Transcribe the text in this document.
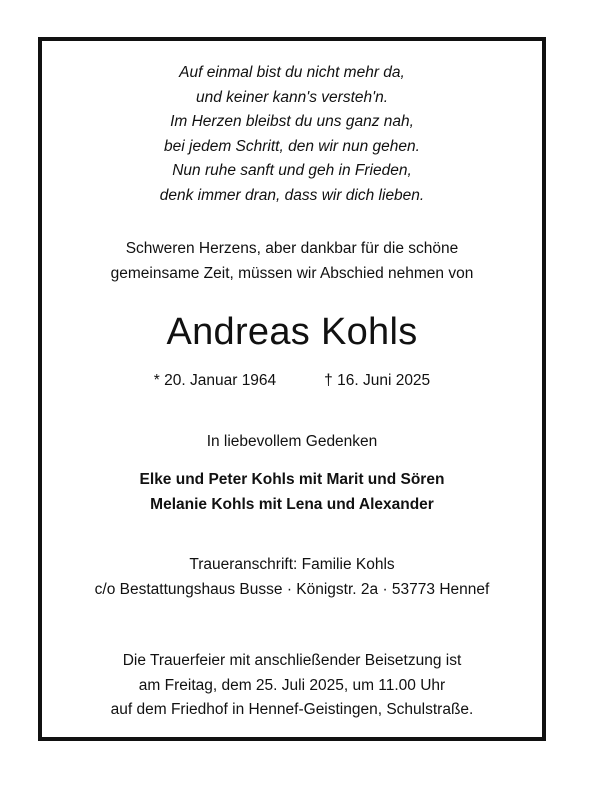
Auf einmal bist du nicht mehr da,
und keiner kann's versteh'n.
Im Herzen bleibst du uns ganz nah,
bei jedem Schritt, den wir nun gehen.
Nun ruhe sanft und geh in Frieden,
denk immer dran, dass wir dich lieben.
Schweren Herzens, aber dankbar für die schöne
gemeinsame Zeit, müssen wir Abschied nehmen von
Andreas Kohls
* 20. Januar 1964	† 16. Juni 2025
In liebevollem Gedenken
Elke und Peter Kohls mit Marit und Sören
Melanie Kohls mit Lena und Alexander
Traueranschrift: Familie Kohls
c/o Bestattungshaus Busse · Königstr. 2a · 53773 Hennef
Die Trauerfeier mit anschließender Beisetzung ist
am Freitag, dem 25. Juli 2025, um 11.00 Uhr
auf dem Friedhof in Hennef-Geistingen, Schulstraße.
